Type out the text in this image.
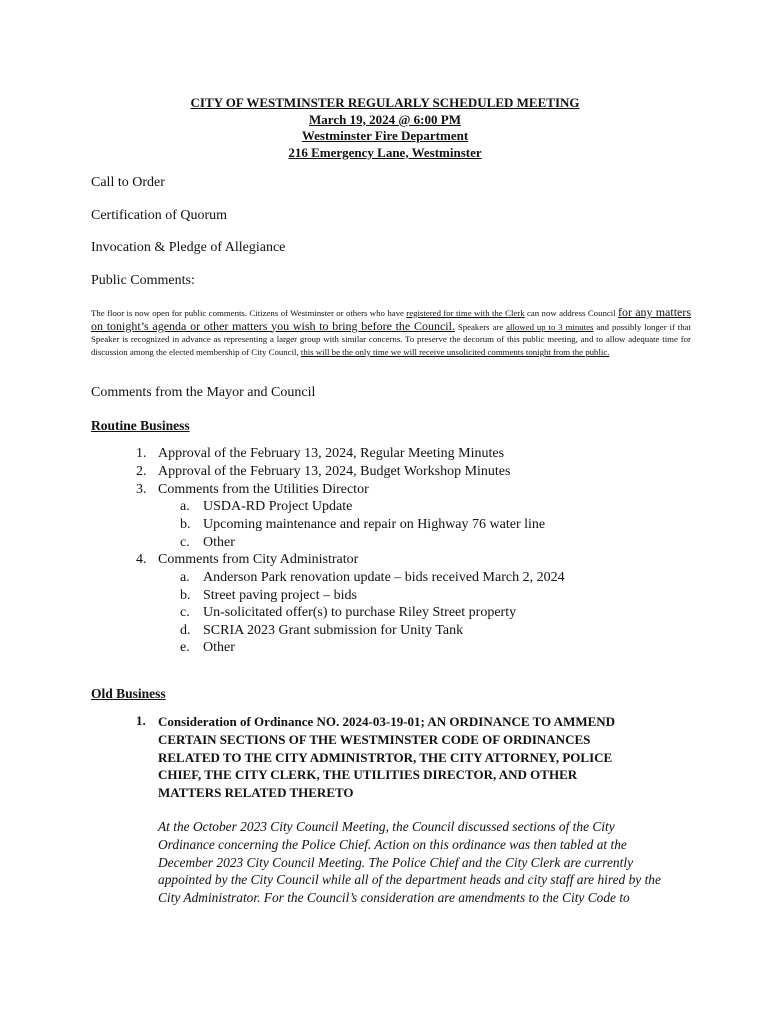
CITY OF WESTMINSTER REGULARLY SCHEDULED MEETING
March 19, 2024 @ 6:00 PM
Westminster Fire Department
216 Emergency Lane, Westminster
Call to Order
Certification of Quorum
Invocation & Pledge of Allegiance
Public Comments:
The floor is now open for public comments. Citizens of Westminster or others who have registered for time with the Clerk can now address Council for any matters on tonight’s agenda or other matters you wish to bring before the Council. Speakers are allowed up to 3 minutes and possibly longer if that Speaker is recognized in advance as representing a larger group with similar concerns. To preserve the decorum of this public meeting, and to allow adequate time for discussion among the elected membership of City Council, this will be the only time we will receive unsolicited comments tonight from the public.
Comments from the Mayor and Council
Routine Business
1. Approval of the February 13, 2024, Regular Meeting Minutes
2. Approval of the February 13, 2024, Budget Workshop Minutes
3. Comments from the Utilities Director
a. USDA-RD Project Update
b. Upcoming maintenance and repair on Highway 76 water line
c. Other
4. Comments from City Administrator
a. Anderson Park renovation update – bids received March 2, 2024
b. Street paving project – bids
c. Un-solicitated offer(s) to purchase Riley Street property
d. SCRIA 2023 Grant submission for Unity Tank
e. Other
Old Business
1. Consideration of Ordinance NO. 2024-03-19-01; AN ORDINANCE TO AMMEND
CERTAIN SECTIONS OF THE WESTMINSTER CODE OF ORDINANCES
RELATED TO THE CITY ADMINISTRTOR, THE CITY ATTORNEY, POLICE
CHIEF, THE CITY CLERK, THE UTILITIES DIRECTOR, AND OTHER
MATTERS RELATED THERETO
At the October 2023 City Council Meeting, the Council discussed sections of the City
Ordinance concerning the Police Chief. Action on this ordinance was then tabled at the
December 2023 City Council Meeting. The Police Chief and the City Clerk are currently
appointed by the City Council while all of the department heads and city staff are hired by the
City Administrator. For the Council’s consideration are amendments to the City Code to
